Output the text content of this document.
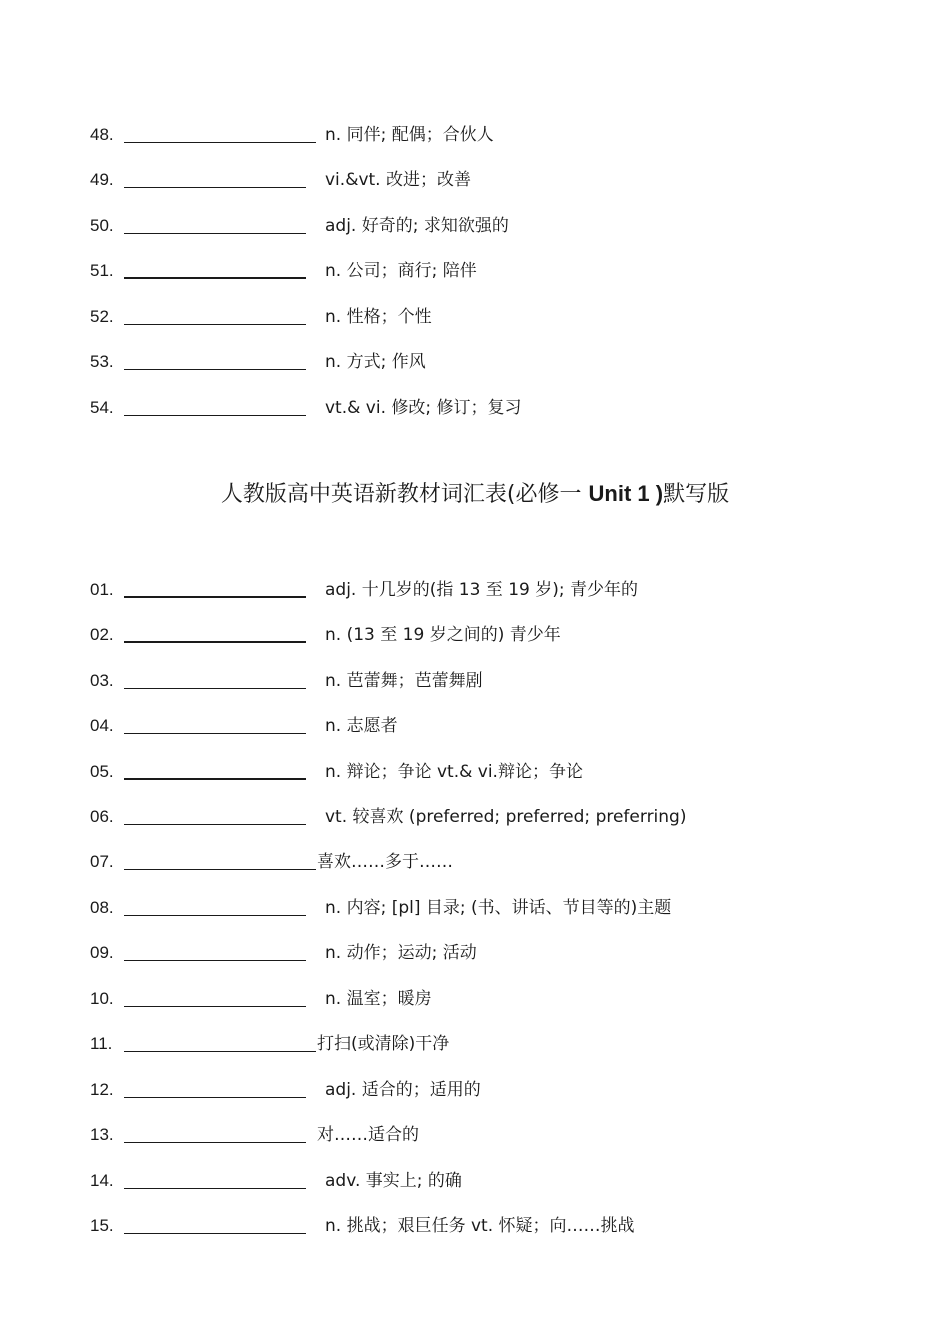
48.	n. 同伴; 配偶；合伙人
49.	vi.&vt. 改进；改善
50.	adj. 好奇的; 求知欲强的
51.	n. 公司；商行; 陪伴
52.	n. 性格；个性
53.	n. 方式; 作风
54.	vt.& vi. 修改; 修订；复习
人教版高中英语新教材词汇表(必修一 Unit 1 )默写版
01.	adj. 十几岁的(指 13 至 19 岁); 青少年的
02.	n. (13 至 19 岁之间的) 青少年
03.	n. 芭蕾舞；芭蕾舞剧
04.	n. 志愿者
05.	n. 辩论；争论 vt.& vi.辩论；争论
06.	vt. 较喜欢 (preferred; preferred; preferring)
07.	喜欢……多于……
08.	n. 内容; [pl] 目录; (书、讲话、节目等的)主题
09.	n. 动作；运动; 活动
10.	n. 温室；暖房
11.	打扫(或清除)干净
12.	adj. 适合的；适用的
13.	对……适合的
14.	adv. 事实上; 的确
15.	n. 挑战；艰巨任务 vt. 怀疑；向……挑战
